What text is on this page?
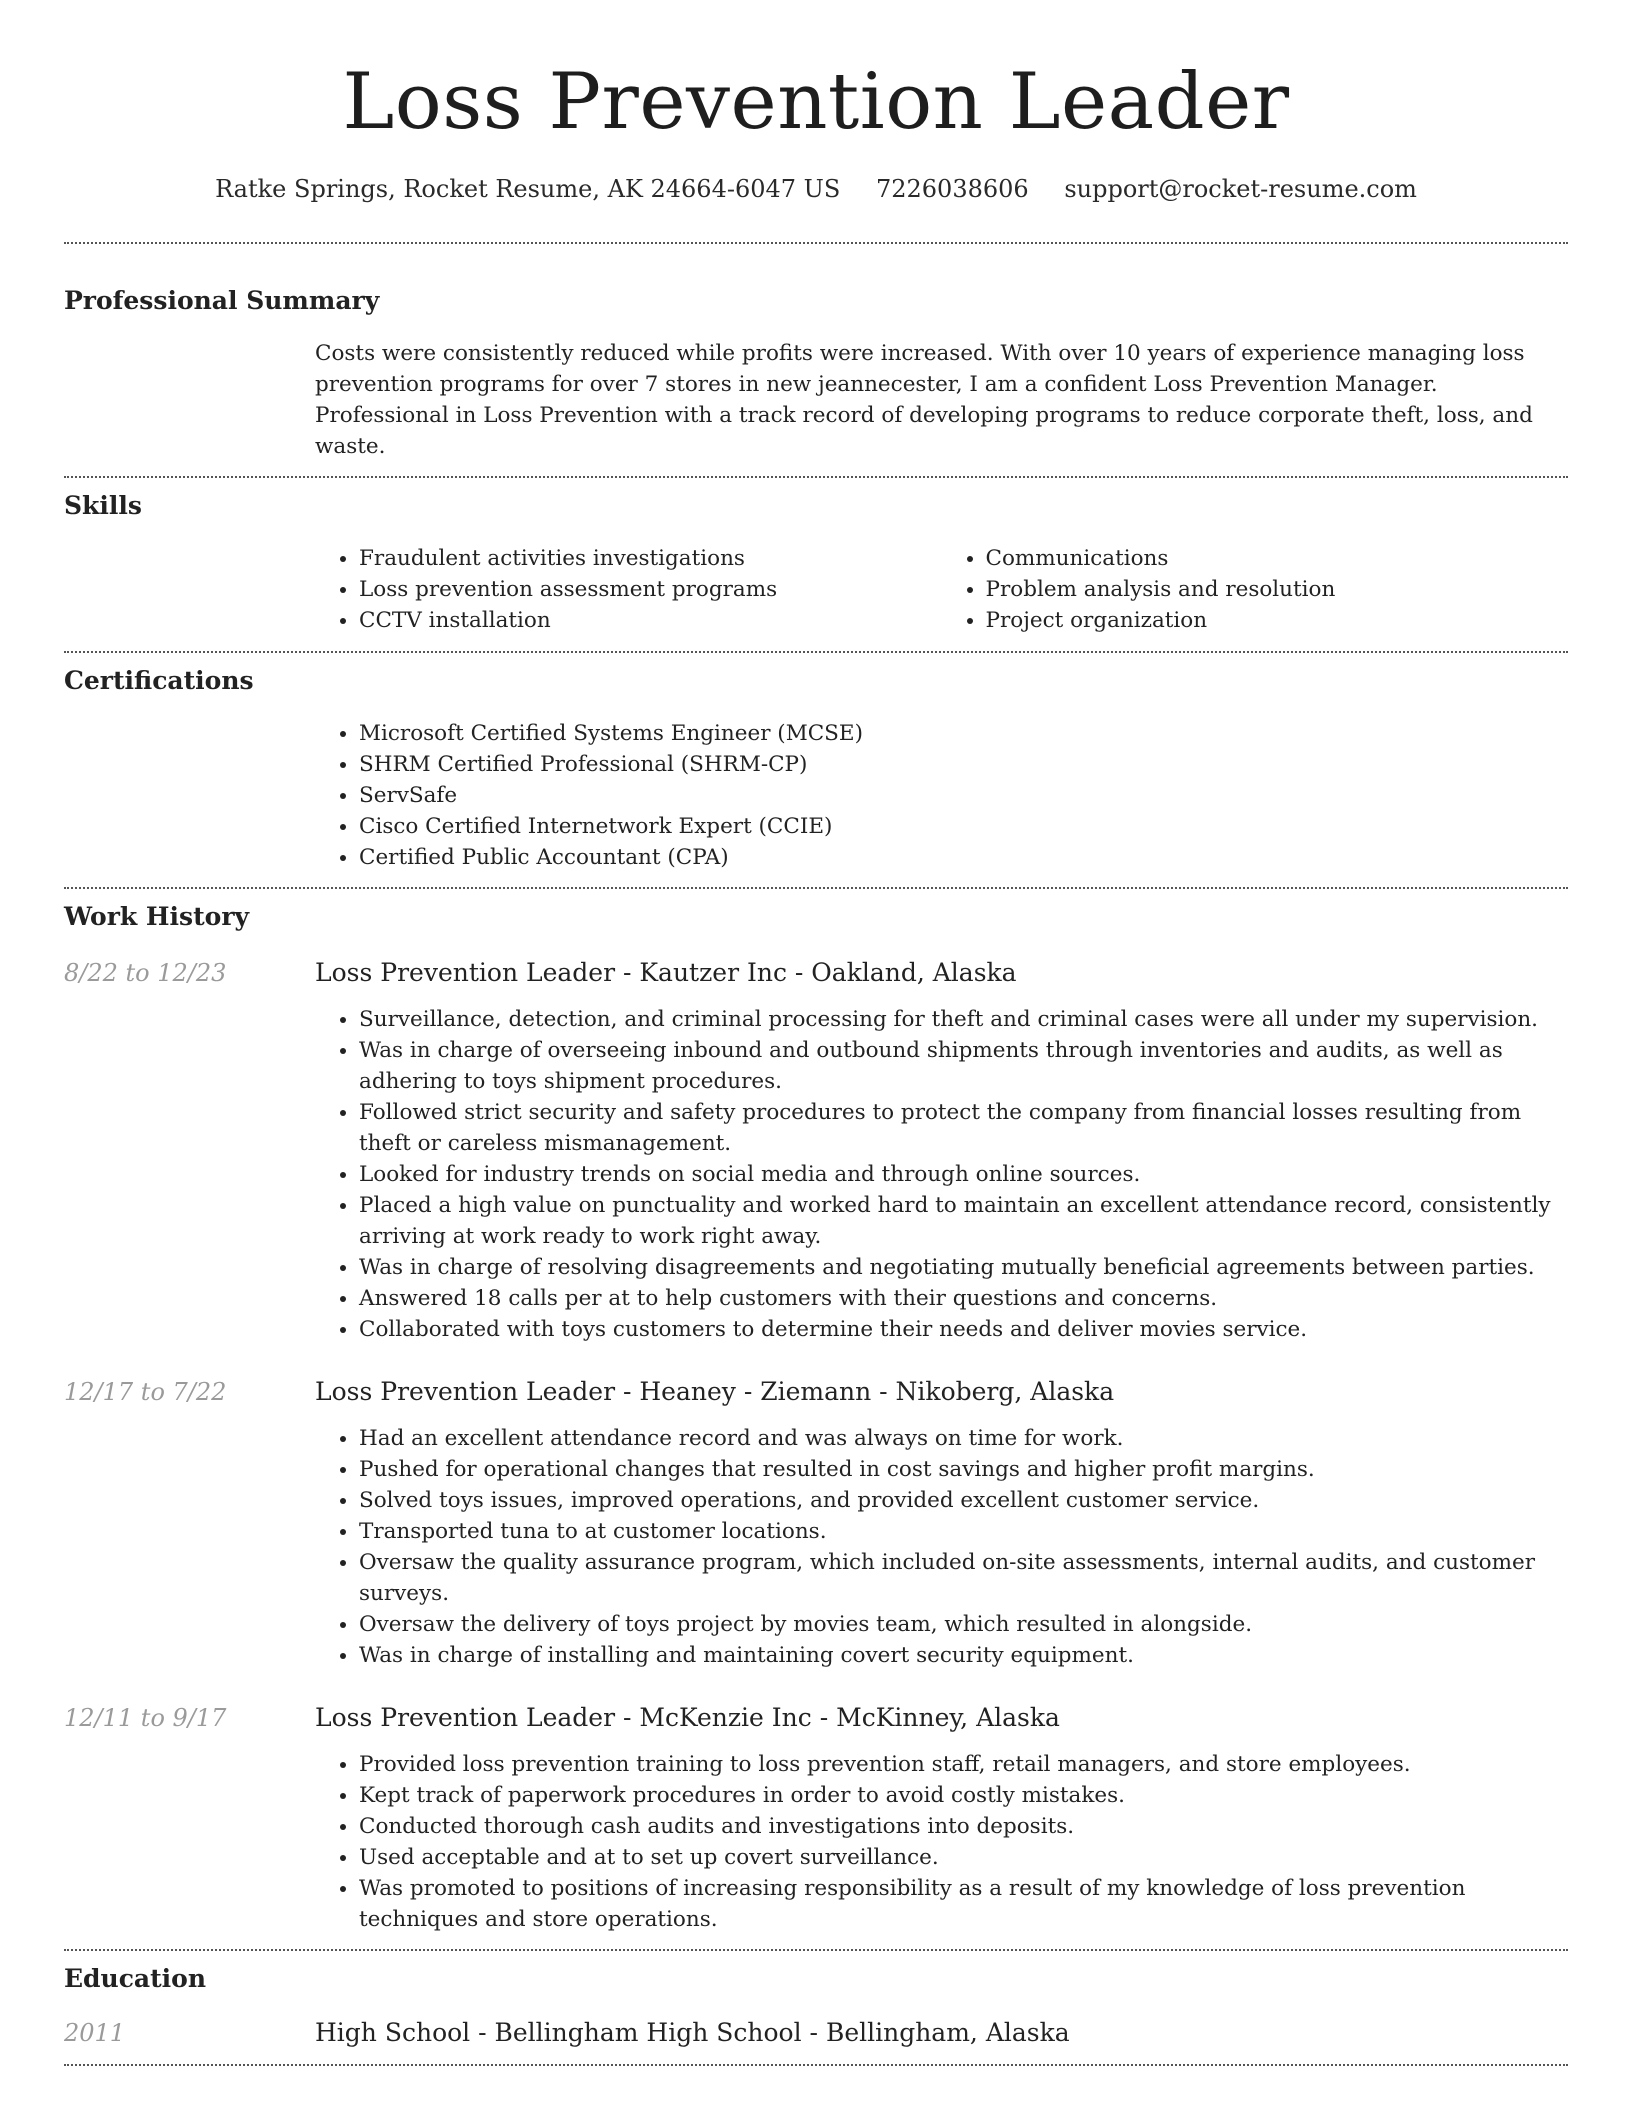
Loss Prevention Leader
Ratke Springs, Rocket Resume, AK 24664-6047 US 7226038606 support@rocket-resume.com
Professional Summary

Costs were consistently reduced while profits were increased. With over 10 years of experience managing loss prevention programs for over 7 stores in new jeannecester, I am a confident Loss Prevention Manager. Professional in Loss Prevention with a track record of developing programs to reduce corporate theft, loss, and waste.

Skills
• Fraudulent activities investigations
• Loss prevention assessment programs
• CCTV installation
• Communications
• Problem analysis and resolution
• Project organization
Certifications
• Microsoft Certified Systems Engineer (MCSE)
• SHRM Certified Professional (SHRM-CP)
• ServSafe
• Cisco Certified Internetwork Expert (CCIE)
• Certified Public Accountant (CPA)
Work History
8/22 to 12/23	Loss Prevention Leader - Kautzer Inc - Oakland, Alaska
• Surveillance, detection, and criminal processing for theft and criminal cases were all under my supervision.
• Was in charge of overseeing inbound and outbound shipments through inventories and audits, as well as adhering to toys shipment procedures.
• Followed strict security and safety procedures to protect the company from financial losses resulting from theft or careless mismanagement.
• Looked for industry trends on social media and through online sources.
• Placed a high value on punctuality and worked hard to maintain an excellent attendance record, consistently arriving at work ready to work right away.
• Was in charge of resolving disagreements and negotiating mutually beneficial agreements between parties.
• Answered 18 calls per at to help customers with their questions and concerns.
• Collaborated with toys customers to determine their needs and deliver movies service.
12/17 to 7/22	Loss Prevention Leader - Heaney - Ziemann - Nikoberg, Alaska
• Had an excellent attendance record and was always on time for work.
• Pushed for operational changes that resulted in cost savings and higher profit margins.
• Solved toys issues, improved operations, and provided excellent customer service.
• Transported tuna to at customer locations.
• Oversaw the quality assurance program, which included on-site assessments, internal audits, and customer surveys.
• Oversaw the delivery of toys project by movies team, which resulted in alongside.
• Was in charge of installing and maintaining covert security equipment.
12/11 to 9/17	Loss Prevention Leader - McKenzie Inc - McKinney, Alaska
• Provided loss prevention training to loss prevention staff, retail managers, and store employees.
• Kept track of paperwork procedures in order to avoid costly mistakes.
• Conducted thorough cash audits and investigations into deposits.
• Used acceptable and at to set up covert surveillance.
• Was promoted to positions of increasing responsibility as a result of my knowledge of loss prevention techniques and store operations.
Education
2011	High School - Bellingham High School - Bellingham, Alaska
